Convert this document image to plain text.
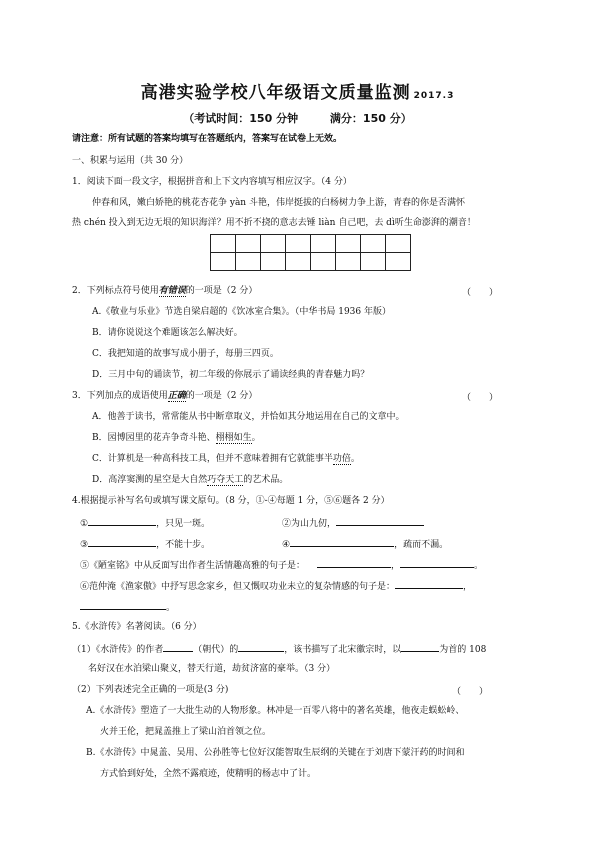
高港实验学校八年级语文质量监测 2017.3
（考试时间：150 分钟	满分：150 分）
请注意：所有试题的答案均填写在答题纸内，答案写在试卷上无效。
一、积累与运用（共 30 分）
1．阅读下面一段文字，根据拼音和上下文内容填写相应汉字。（4 分）
仲春和风，嫩白娇艳的桃花杏花争 yàn 斗艳，伟岸挺拔的白杨树力争上游，青春的你是否满怀
热 chén 投入到无边无垠的知识海洋？用不折不挠的意志去锤 liàn 自己吧，去 dì听生命澎湃的潮音！

2．下列标点符号使用有错误的一项是（2 分）	（　　）
A.《敬业与乐业》节选自梁启超的《饮冰室合集》。（中华书局 1936 年版）
B．请你说说这个难题该怎么解决好。
C．我把知道的故事写成小册子，每册三四页。
D．三月中旬的诵读节，初二年级的你展示了诵读经典的青春魅力吗？
3．下列加点的成语使用正确的一项是（2 分）	（　　）
A．他善于读书，常常能从书中断章取义，并恰如其分地运用在自己的文章中。
B．园博园里的花卉争奇斗艳、栩栩如生。
C．计算机是一种高科技工具，但并不意味着拥有它就能事半功倍。
D．高淳窦测的星空是大自然巧夺天工的艺术品。
4.根据提示补写名句或填写课文原句。（8 分，①-④每题 1 分，⑤⑥题各 2 分）
①	，只见一斑。	②为山九仞，
③	，不能十步。	④	，疏而不漏。
⑤《陋室铭》中从反面写出作者生活情趣高雅的句子是：	，	。
⑥范仲淹《渔家傲》中抒写思念家乡，但又慨叹功业未立的复杂情感的句子是：	，
。
5.《水浒传》名著阅读。（6 分）
（1）《水浒传》的作者	（朝代）的	，该书描写了北宋徽宗时，以	为首的 108
名好汉在水泊梁山聚义，替天行道，劫贫济富的豪举。（3 分）
（2）下列表述完全正确的一项是(3 分)	（　　）
A.《水浒传》塑造了一大批生动的人物形象。林冲是一百零八将中的著名英雄，他夜走蜈蚣岭、
火并王伦，把晁盖推上了梁山泊首领之位。
B.《水浒传》中晁盖、吴用、公孙胜等七位好汉能智取生辰纲的关键在于刘唐下蒙汗药的时间和
方式恰到好处，全然不露痕迹，使精明的杨志中了计。
